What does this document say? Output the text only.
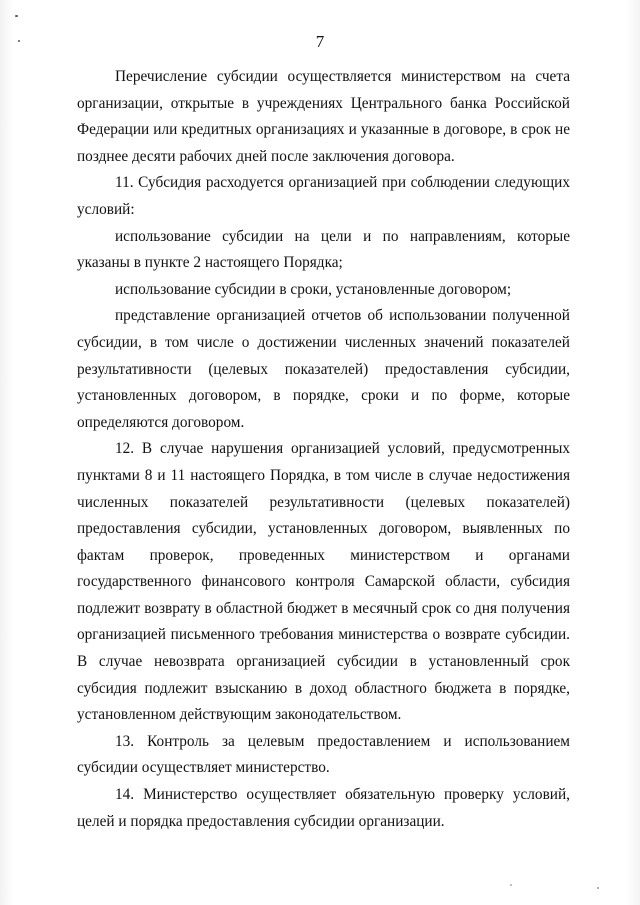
7

Перечисление субсидии осуществляется министерством на счета организации, открытые в учреждениях Центрального банка Российской Федерации или кредитных организациях и указанные в договоре, в срок не позднее десяти рабочих дней после заключения договора.

11. Субсидия расходуется организацией при соблюдении следующих условий:

использование субсидии на цели и по направлениям, которые указаны в пункте 2 настоящего Порядка;

использование субсидии в сроки, установленные договором;

представление организацией отчетов об использовании полученной субсидии, в том числе о достижении численных значений показателей результативности (целевых показателей) предоставления субсидии, установленных договором, в порядке, сроки и по форме, которые определяются договором.

12. В случае нарушения организацией условий, предусмотренных пунктами 8 и 11 настоящего Порядка, в том числе в случае недостижения численных показателей результативности (целевых показателей) предоставления субсидии, установленных договором, выявленных по фактам проверок, проведенных министерством и органами государственного финансового контроля Самарской области, субсидия подлежит возврату в областной бюджет в месячный срок со дня получения организацией письменного требования министерства о возврате субсидии. В случае невозврата организацией субсидии в установленный срок субсидия подлежит взысканию в доход областного бюджета в порядке, установленном действующим законодательством.

13. Контроль за целевым предоставлением и использованием субсидии осуществляет министерство.

14. Министерство осуществляет обязательную проверку условий, целей и порядка предоставления субсидии организации.
